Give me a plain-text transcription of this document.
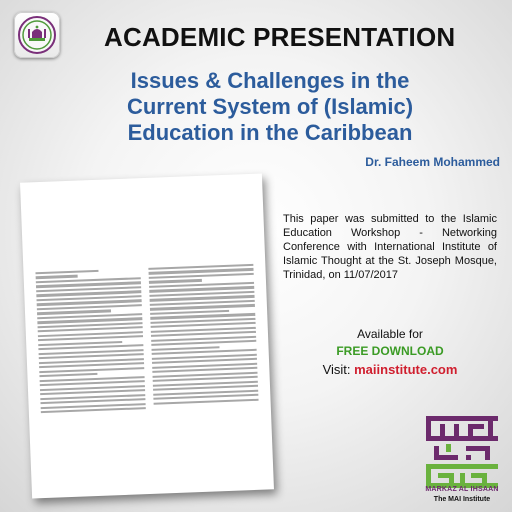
ACADEMIC PRESENTATION
Issues & Challenges in the
Current System of (Islamic)
Education in the Caribbean
Dr. Faheem Mohammed

This paper was submitted to the Islamic Education Workshop - Networking Conference with International Institute of Islamic Thought at the St. Joseph Mosque, Trinidad, on 11/07/2017
Available for
FREE DOWNLOAD
Visit: maiinstitute.com
MARKAZ AL IHSAAN
The MAI Institute
